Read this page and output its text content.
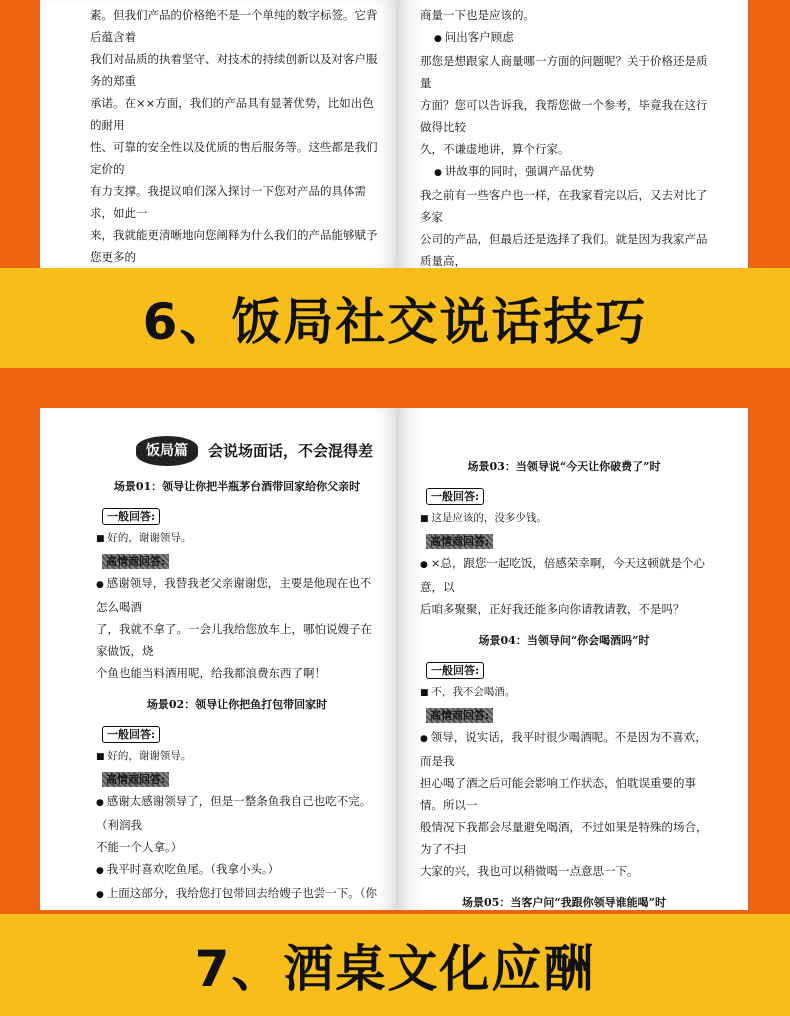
素。但我们产品的价格绝不是一个单纯的数字标签。它背后蕴含着

我们对品质的执着坚守、对技术的持续创新以及对客户服务的郑重

承诺。在××方面，我们的产品具有显著优势，比如出色的耐用

性、可靠的安全性以及优质的售后服务等。这些都是我们定价的

有力支撑。我提议咱们深入探讨一下您对产品的具体需求，如此一

来，我就能更清晰地向您阐释为什么我们的产品能够赋予您更多的

商量一下也是应该的。

● 问出客户顾虑

那您是想跟家人商量哪一方面的问题呢？关于价格还是质量

方面？您可以告诉我，我帮您做一个参考，毕竟我在这行做得比较

久，不谦虚地讲，算个行家。

● 讲故事的同时，强调产品优势

我之前有一些客户也一样，在我家看完以后，又去对比了多家

公司的产品，但最后还是选择了我们。就是因为我家产品质量高，

6、饭局社交说话技巧
饭局篇	会说场面话，不会混得差
场景01：领导让你把半瓶茅台酒带回家给你父亲时
一般回答:

■ 好的，谢谢领导。

高情商回答:

● 感谢领导，我替我老父亲谢谢您，主要是他现在也不怎么喝酒

了，我就不拿了。一会儿我给您放车上，哪怕说嫂子在家做饭，烧

个鱼也能当料酒用呢，给我都浪费东西了啊！

场景02：领导让你把鱼打包带回家时
一般回答:

■ 好的，谢谢领导。

高情商回答:

● 感谢太感谢领导了，但是一整条鱼我自己也吃不完。（利润我

不能一个人拿。）

● 我平时喜欢吃鱼尾。（我拿小头。）

● 上面这部分，我给您打包带回去给嫂子也尝一下。（你

场景03：当领导说“今天让你破费了”时
一般回答:

■ 这是应该的，没多少钱。

高情商回答:

● ×总，跟您一起吃饭，倍感荣幸啊，今天这顿就是个心意，以

后咱多聚聚，正好我还能多向你请教请教，不是吗？

场景04：当领导问“你会喝酒吗”时
一般回答:

■ 不，我不会喝酒。

高情商回答:

● 领导，说实话，我平时很少喝酒呢。不是因为不喜欢，而是我

担心喝了酒之后可能会影响工作状态，怕耽误重要的事情。所以一

般情况下我都会尽量避免喝酒，不过如果是特殊的场合，为了不扫

大家的兴，我也可以稍微喝一点意思一下。

场景05：当客户问“我跟你领导谁能喝”时

7、酒桌文化应酬
